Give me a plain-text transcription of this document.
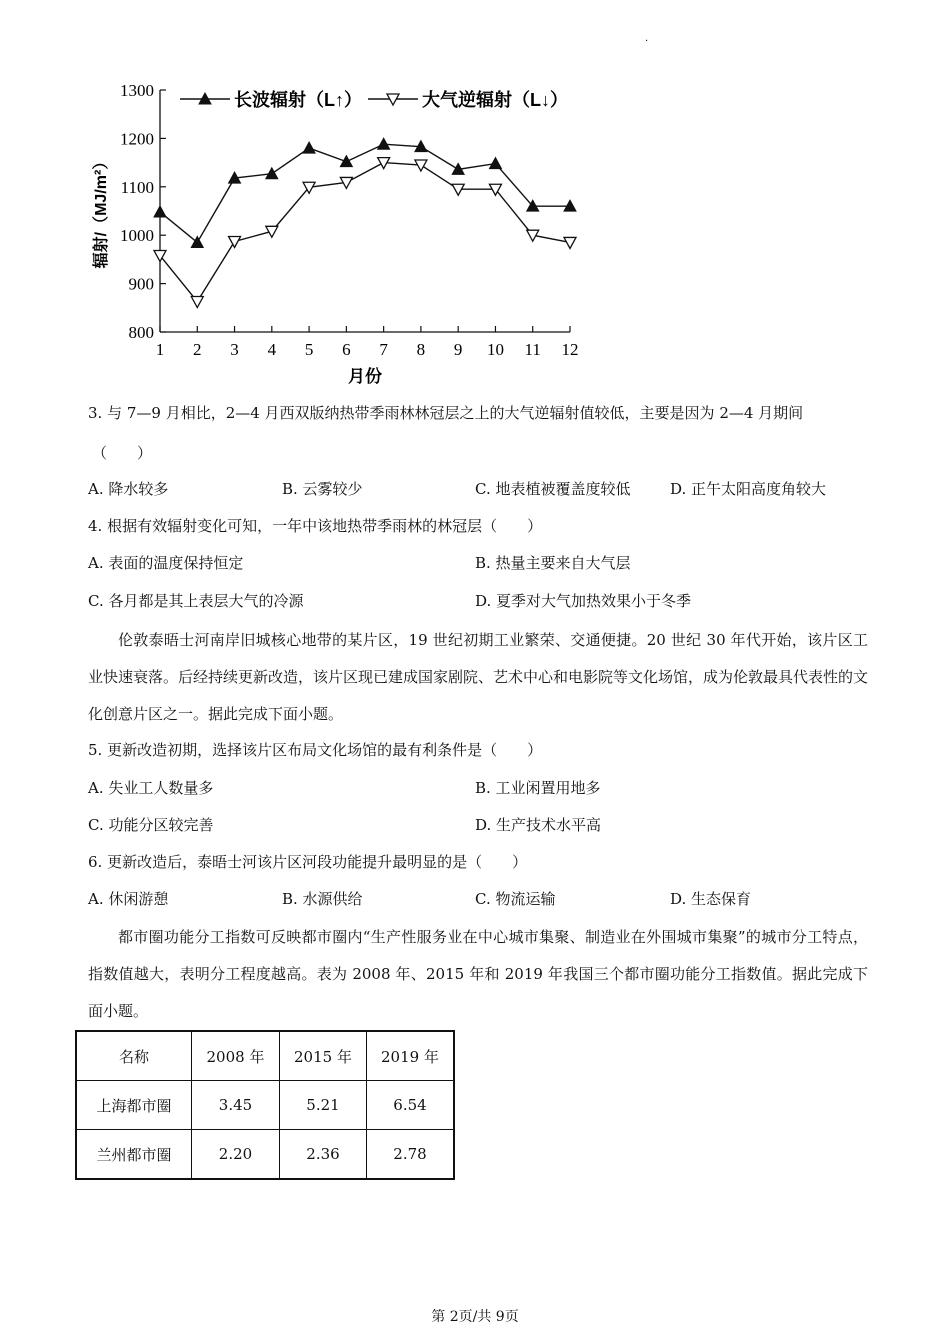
·
800
900
1000
1100
1200
1300
1 2 3 4 5 6 7 8 9 10 11 12
月份
辐射/（MJ/m²）
长波辐射（L↑）	大气逆辐射（L↓）
3. 与 7—9 月相比，2—4 月西双版纳热带季雨林林冠层之上的大气逆辐射值较低，主要是因为 2—4 月期间
（　　）
A. 降水较多	B. 云雾较少	C. 地表植被覆盖度较低	D. 正午太阳高度角较大
4. 根据有效辐射变化可知，一年中该地热带季雨林的林冠层（　　）
A. 表面的温度保持恒定	B. 热量主要来自大气层
C. 各月都是其上表层大气的冷源	D. 夏季对大气加热效果小于冬季

伦敦泰晤士河南岸旧城核心地带的某片区，19 世纪初期工业繁荣、交通便捷。20 世纪 30 年代开始，该片区工业快速衰落。后经持续更新改造，该片区现已建成国家剧院、艺术中心和电影院等文化场馆，成为伦敦最具代表性的文化创意片区之一。据此完成下面小题。

5. 更新改造初期，选择该片区布局文化场馆的最有利条件是（　　）
A. 失业工人数量多	B. 工业闲置用地多
C. 功能分区较完善	D. 生产技术水平高
6. 更新改造后，泰晤士河该片区河段功能提升最明显的是（　　）
A. 休闲游憩	B. 水源供给	C. 物流运输	D. 生态保育

都市圈功能分工指数可反映都市圈内“生产性服务业在中心城市集聚、制造业在外围城市集聚”的城市分工特点，指数值越大，表明分工程度越高。表为 2008 年、2015 年和 2019 年我国三个都市圈功能分工指数值。据此完成下面小题。

名称	2008 年	2015 年	2019 年
上海都市圈	3.45	5.21	6.54
兰州都市圈	2.20	2.36	2.78
第 2页/共 9页
